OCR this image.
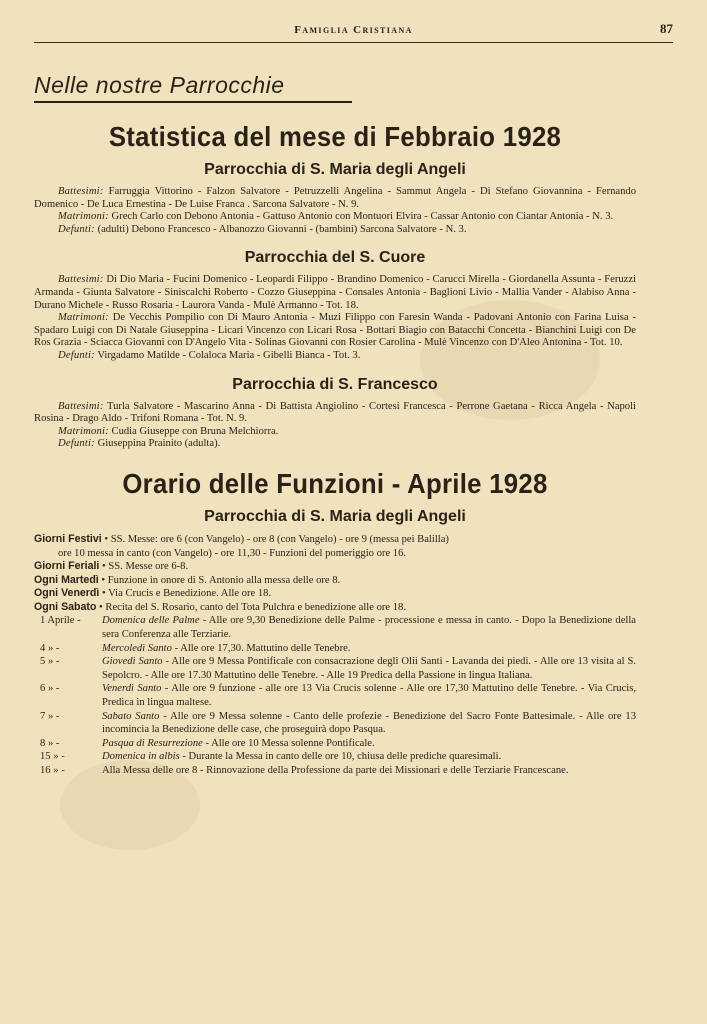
Famiglia Cristiana	87
Nelle nostre Parrocchie
Statistica del mese di Febbraio 1928
Parrocchia di S. Maria degli Angeli

Battesimi: Farruggia Vittorino - Falzon Salvatore - Petruzzelli Angelina - Sammut Angela - Di Stefano Giovannina - Fernando Domenico - De Luca Ernestina - De Luise Franca . Sarcona Salvatore - N. 9.

Matrimoni: Grech Carlo con Debono Antonia - Gattuso Antonio con Montuori Elvira - Cassar Antonio con Ciantar Antonia - N. 3.

Defunti: (adulti) Debono Francesco - Albanozzo Giovanni - (bambini) Sarcona Salvatore - N. 3.

Parrocchia del S. Cuore

Battesimi: Di Dio Maria - Fucini Domenico - Leopardi Filippo - Brandino Domenico - Carucci Mirella - Giordanella Assunta - Feruzzi Armanda - Giunta Salvatore - Siniscalchi Roberto - Cozzo Giuseppina - Consales Antonia - Baglioni Livio - Mallia Vander - Alabiso Anna - Durano Michele - Russo Rosaria - Laurora Vanda - Mulè Armanno - Tot. 18.

Matrimoni: De Vecchis Pompilio con Di Mauro Antonia - Muzi Filippo con Faresin Wanda - Padovani Antonio con Farina Luisa - Spadaro Luigi con Di Natale Giuseppina - Licari Vincenzo con Licari Rosa - Bottari Biagio con Batacchi Concetta - Bianchini Luigi con De Ros Grazia - Sciacca Giovanni con D'Angelo Vita - Solinas Giovanni con Rosier Carolina - Mulè Vincenzo con D'Aleo Antonina - Tot. 10.

Defunti: Virgadamo Matilde - Colaloca Maria - Gibelli Bianca - Tot. 3.

Parrocchia di S. Francesco

Battesimi: Turla Salvatore - Mascarino Anna - Di Battista Angiolino - Cortesi Francesca - Perrone Gaetana - Ricca Angela - Napoli Rosina - Drago Aldo - Trifoni Romana - Tot. N. 9.

Matrimoni: Cudia Giuseppe con Bruna Melchiorra.

Defunti: Giuseppina Prainito (adulta).

Orario delle Funzioni - Aprile 1928
Parrocchia di S. Maria degli Angeli

Giorni Festivi • SS. Messe: ore 6 (con Vangelo) - ore 8 (con Vangelo) - ore 9 (messa pei Balilla)

ore 10 messa in canto (con Vangelo) - ore 11,30 - Funzioni del pomeriggio ore 16.

Giorni Feriali • SS. Messe ore 6-8.

Ogni Martedì • Funzione in onore di S. Antonio alla messa delle ore 8.

Ogni Venerdì • Via Crucis e Benedizione. Alle ore 18.

Ogni Sabato • Recita del S. Rosario, canto del Tota Pulchra e benedizione alle ore 18.

1 Aprile -	Domenica delle Palme - Alle ore 9,30 Benedizione delle Palme - processione e messa in canto. - Dopo la Benedizione della sera Conferenza alle Terziarie.
4 » -	Mercoledì Santo - Alle ore 17,30. Mattutino delle Tenebre.
5 » -	Giovedì Santo - Alle ore 9 Messa Pontificale con consacrazione degli Olii Santi - Lavanda dei piedi. - Alle ore 13 visita al S. Sepolcro. - Alle ore 17.30 Mattutino delle Tenebre. - Alle 19 Predica della Passione in lingua Italiana.
6 » -	Venerdì Santo - Alle ore 9 funzione - alle ore 13 Via Crucis solenne - Alle ore 17,30 Mattutino delle Tenebre. - Via Crucis, Predica in lingua maltese.
7 » -	Sabato Santo - Alle ore 9 Messa solenne - Canto delle profezie - Benedizione del Sacro Fonte Battesimale. - Alle ore 13 incomincia la Benedizione delle case, che proseguirà dopo Pasqua.
8 » -	Pasqua di Resurrezione - Alle ore 10 Messa solenne Pontificale.
15 » -	Domenica in albis - Durante la Messa in canto delle ore 10, chiusa delle prediche quaresimali.
16 » -	Alla Messa delle ore 8 - Rinnovazione della Professione da parte dei Missionari e delle Terziarie Francescane.
